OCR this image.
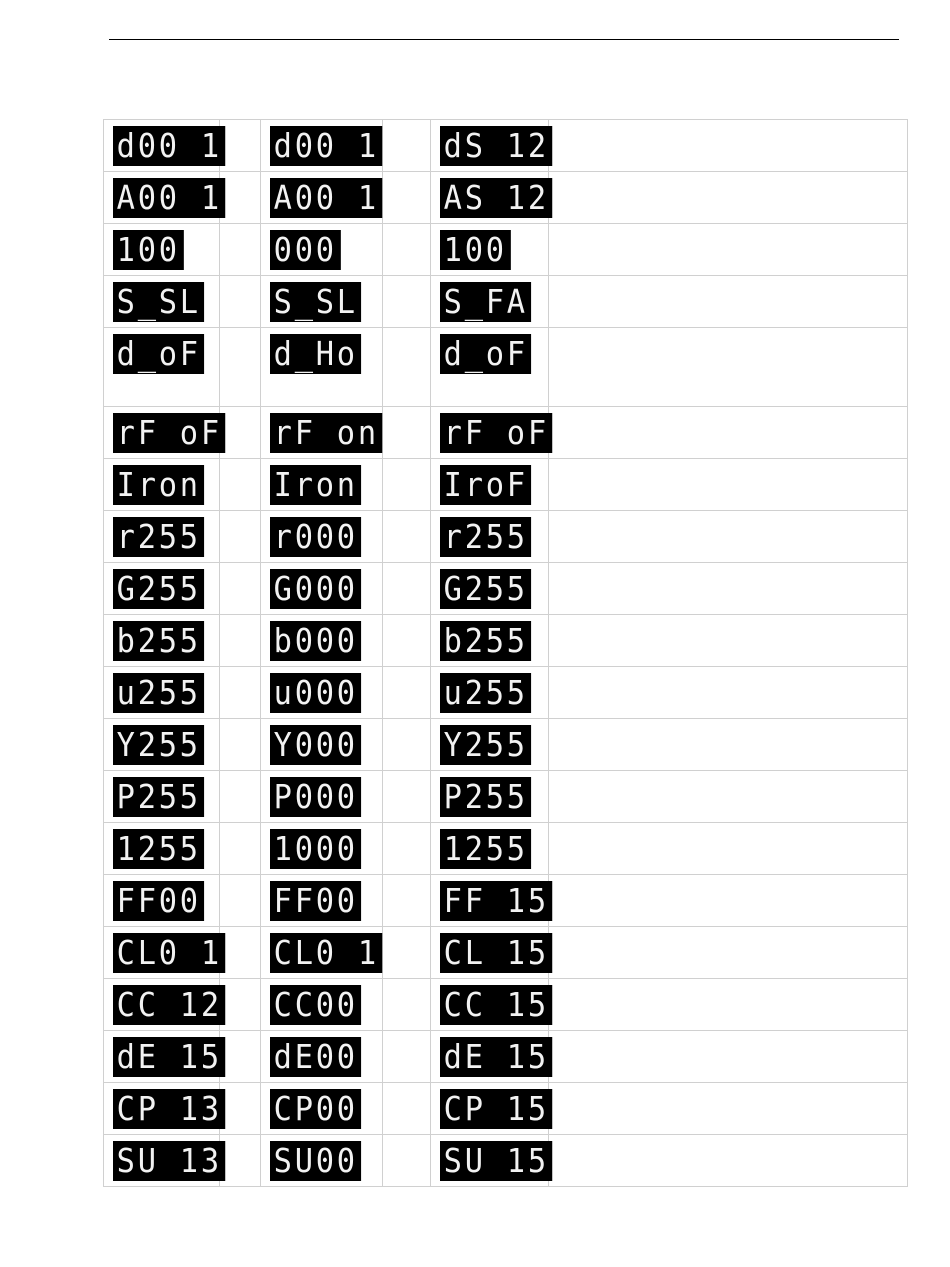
d00 1		d00 1		dS 12	
A00 1		A00 1		AS 12	
100		000		100	
S_SL		S_SL		S_FA	
d_oF		d_Ho		d_oF	
rF oF		rF on		rF oF	
Iron		Iron		IroF	
r255		r000		r255	
G255		G000		G255	
b255		b000		b255	
u255		u000		u255	
Y255		Y000		Y255	
P255		P000		P255	
1255		1000		1255	
FF00		FF00		FF 15	
CL0 1		CL0 1		CL 15	
CC 12		CC00		CC 15	
dE 15		dE00		dE 15	
CP 13		CP00		CP 15	
SU 13		SU00		SU 15	
